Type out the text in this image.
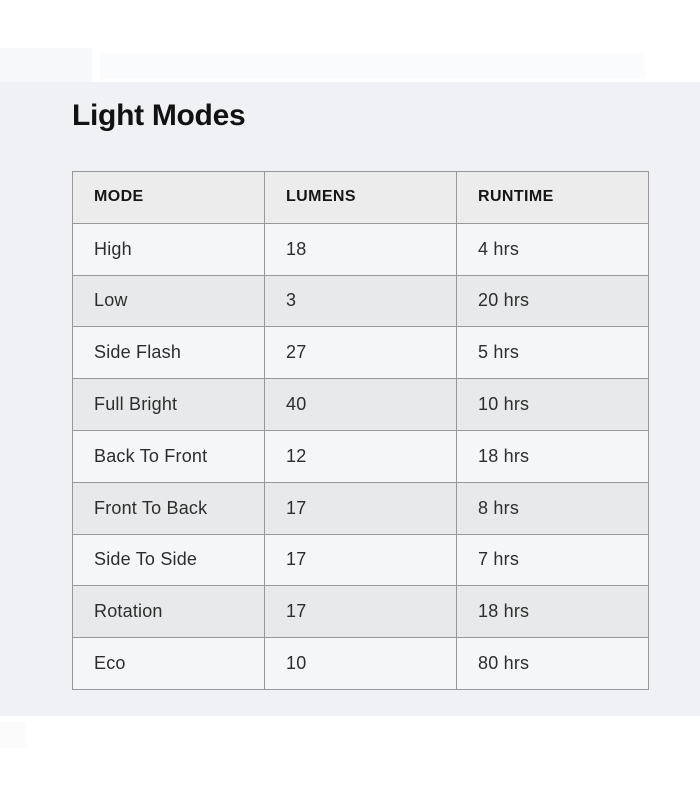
Light Modes
MODE	LUMENS	RUNTIME
High	18	4 hrs
Low	3	20 hrs
Side Flash	27	5 hrs
Full Bright	40	10 hrs
Back To Front	12	18 hrs
Front To Back	17	8 hrs
Side To Side	17	7 hrs
Rotation	17	18 hrs
Eco	10	80 hrs
